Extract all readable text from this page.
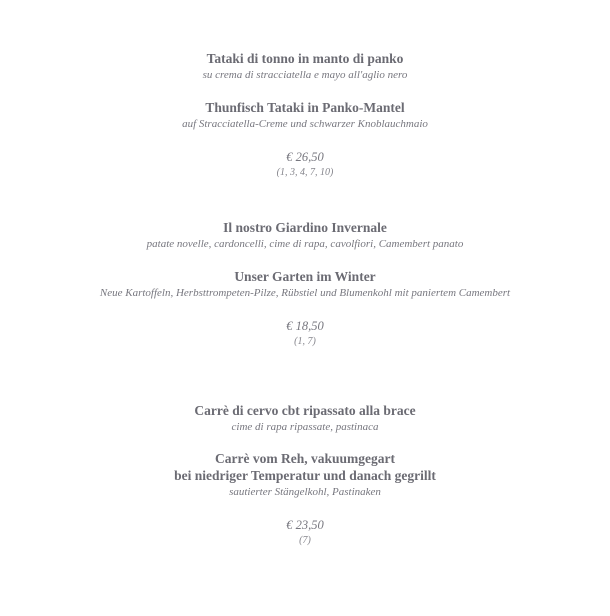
Tataki di tonno in manto di panko

su crema di stracciatella e mayo all'aglio nero

Thunfisch Tataki in Panko-Mantel

auf Stracciatella-Creme und schwarzer Knoblauchmaio

€ 26,50

(1, 3, 4, 7, 10)

Il nostro Giardino Invernale

patate novelle, cardoncelli, cime di rapa, cavolfiori, Camembert panato

Unser Garten im Winter

Neue Kartoffeln, Herbsttrompeten-Pilze, Rübstiel und Blumenkohl mit paniertem Camembert

€ 18,50

(1, 7)

Carrè di cervo cbt ripassato alla brace

cime di rapa ripassate, pastinaca

Carrè vom Reh, vakuumgegart

bei niedriger Temperatur und danach gegrillt

sautierter Stängelkohl, Pastinaken

€ 23,50

(7)
